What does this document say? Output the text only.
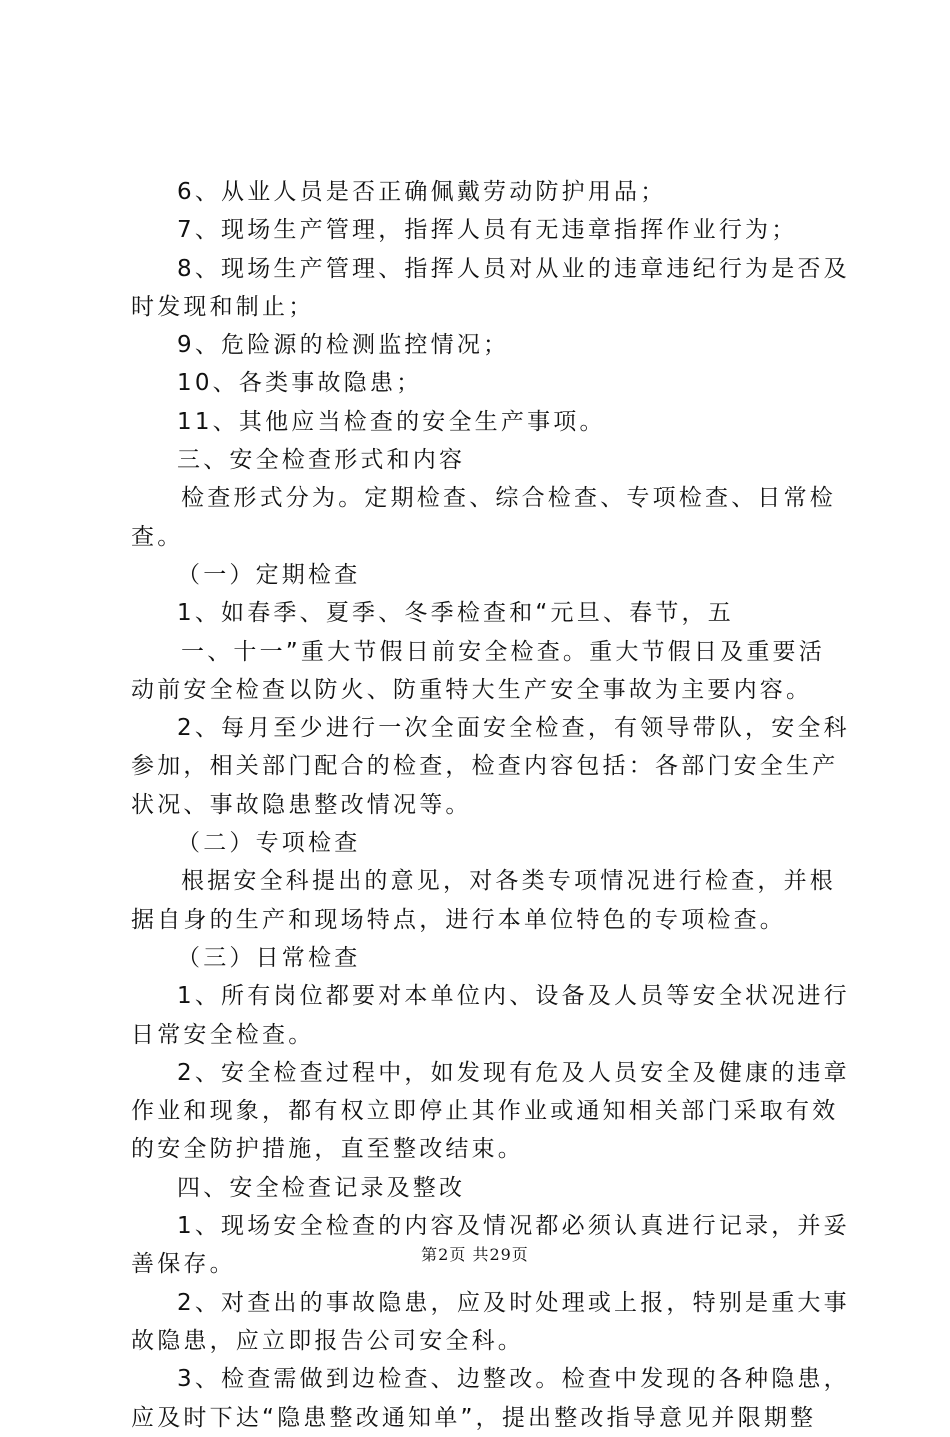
6、从业人员是否正确佩戴劳动防护用品；
7、现场生产管理，指挥人员有无违章指挥作业行为；
8、现场生产管理、指挥人员对从业的违章违纪行为是否及
时发现和制止；
9、危险源的检测监控情况；
10、各类事故隐患；
11、其他应当检查的安全生产事项。
三、安全检查形式和内容
检查形式分为。定期检查、综合检查、专项检查、日常检
查。
（一）定期检查
1、如春季、夏季、冬季检查和“元旦、春节，五
一、十一”重大节假日前安全检查。重大节假日及重要活
动前安全检查以防火、防重特大生产安全事故为主要内容。
2、每月至少进行一次全面安全检查，有领导带队，安全科
参加，相关部门配合的检查，检查内容包括：各部门安全生产
状况、事故隐患整改情况等。
（二）专项检查
根据安全科提出的意见，对各类专项情况进行检查，并根
据自身的生产和现场特点，进行本单位特色的专项检查。
（三）日常检查
1、所有岗位都要对本单位内、设备及人员等安全状况进行
日常安全检查。
2、安全检查过程中，如发现有危及人员安全及健康的违章
作业和现象，都有权立即停止其作业或通知相关部门采取有效
的安全防护措施，直至整改结束。
四、安全检查记录及整改
1、现场安全检查的内容及情况都必须认真进行记录，并妥
善保存。
2、对查出的事故隐患，应及时处理或上报，特别是重大事
故隐患，应立即报告公司安全科。
3、检查需做到边检查、边整改。检查中发现的各种隐患，
应及时下达“隐患整改通知单”，提出整改指导意见并限期整
第2页 共29页
